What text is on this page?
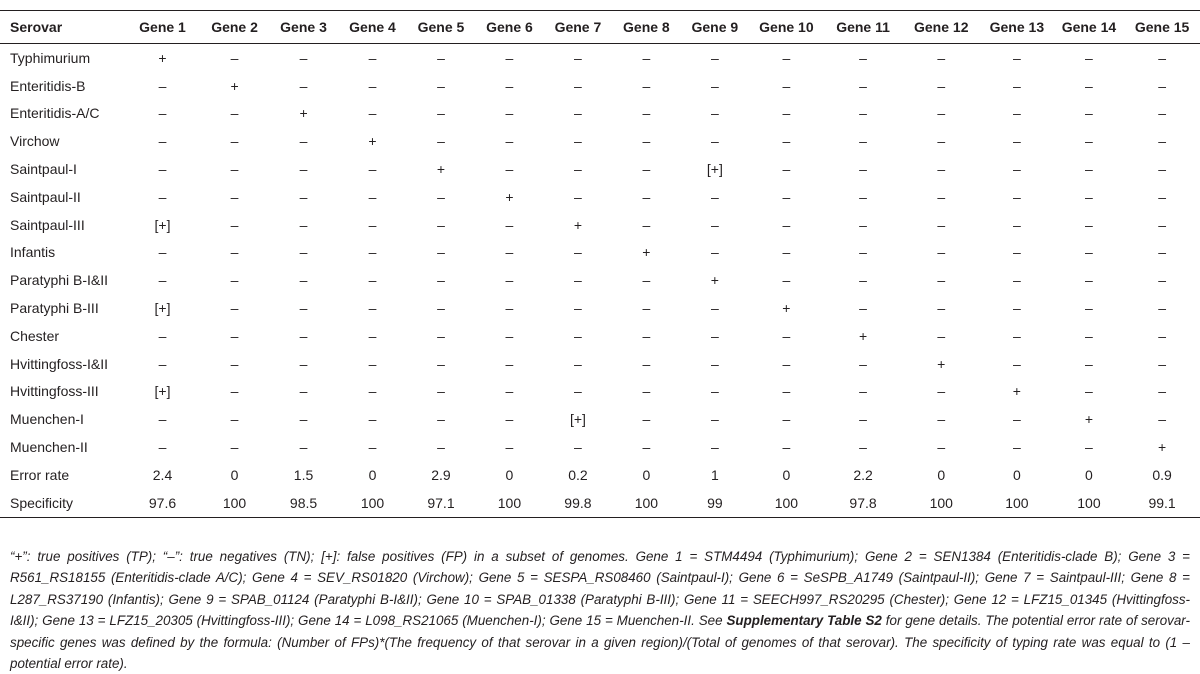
Serovar	Gene 1	Gene 2	Gene 3	Gene 4	Gene 5	Gene 6	Gene 7	Gene 8	Gene 9	Gene 10	Gene 11	Gene 12	Gene 13	Gene 14	Gene 15
Typhimurium	+	–	–	–	–	–	–	–	–	–	–	–	–	–	–
Enteritidis-B	–	+	–	–	–	–	–	–	–	–	–	–	–	–	–
Enteritidis-A/C	–	–	+	–	–	–	–	–	–	–	–	–	–	–	–
Virchow	–	–	–	+	–	–	–	–	–	–	–	–	–	–	–
Saintpaul-I	–	–	–	–	+	–	–	–	[+]	–	–	–	–	–	–
Saintpaul-II	–	–	–	–	–	+	–	–	–	–	–	–	–	–	–
Saintpaul-III	[+]	–	–	–	–	–	+	–	–	–	–	–	–	–	–
Infantis	–	–	–	–	–	–	–	+	–	–	–	–	–	–	–
Paratyphi B-I&II	–	–	–	–	–	–	–	–	+	–	–	–	–	–	–
Paratyphi B-III	[+]	–	–	–	–	–	–	–	–	+	–	–	–	–	–
Chester	–	–	–	–	–	–	–	–	–	–	+	–	–	–	–
Hvittingfoss-I&II	–	–	–	–	–	–	–	–	–	–	–	+	–	–	–
Hvittingfoss-III	[+]	–	–	–	–	–	–	–	–	–	–	–	+	–	–
Muenchen-I	–	–	–	–	–	–	[+]	–	–	–	–	–	–	+	–
Muenchen-II	–	–	–	–	–	–	–	–	–	–	–	–	–	–	+
Error rate	2.4	0	1.5	0	2.9	0	0.2	0	1	0	2.2	0	0	0	0.9
Specificity	97.6	100	98.5	100	97.1	100	99.8	100	99	100	97.8	100	100	100	99.1
“+”: true positives (TP); “–”: true negatives (TN); [+]: false positives (FP) in a subset of genomes. Gene 1 = STM4494 (Typhimurium); Gene 2 = SEN1384 (Enteritidis-clade B); Gene 3 = R561_RS18155 (Enteritidis-clade A/C); Gene 4 = SEV_RS01820 (Virchow); Gene 5 = SESPA_RS08460 (Saintpaul-I); Gene 6 = SeSPB_A1749 (Saintpaul-II); Gene 7 = Saintpaul-III; Gene 8 = L287_RS37190 (Infantis); Gene 9 = SPAB_01124 (Paratyphi B-I&II); Gene 10 = SPAB_01338 (Paratyphi B-III); Gene 11 = SEECH997_RS20295 (Chester); Gene 12 = LFZ15_01345 (Hvittingfoss-I&II); Gene 13 = LFZ15_20305 (Hvittingfoss-III); Gene 14 = L098_RS21065 (Muenchen-I); Gene 15 = Muenchen-II. See Supplementary Table S2 for gene details. The potential error rate of serovar-specific genes was defined by the formula: (Number of FPs)*(The frequency of that serovar in a given region)/(Total of genomes of that serovar). The specificity of typing rate was equal to (1 – potential error rate).
